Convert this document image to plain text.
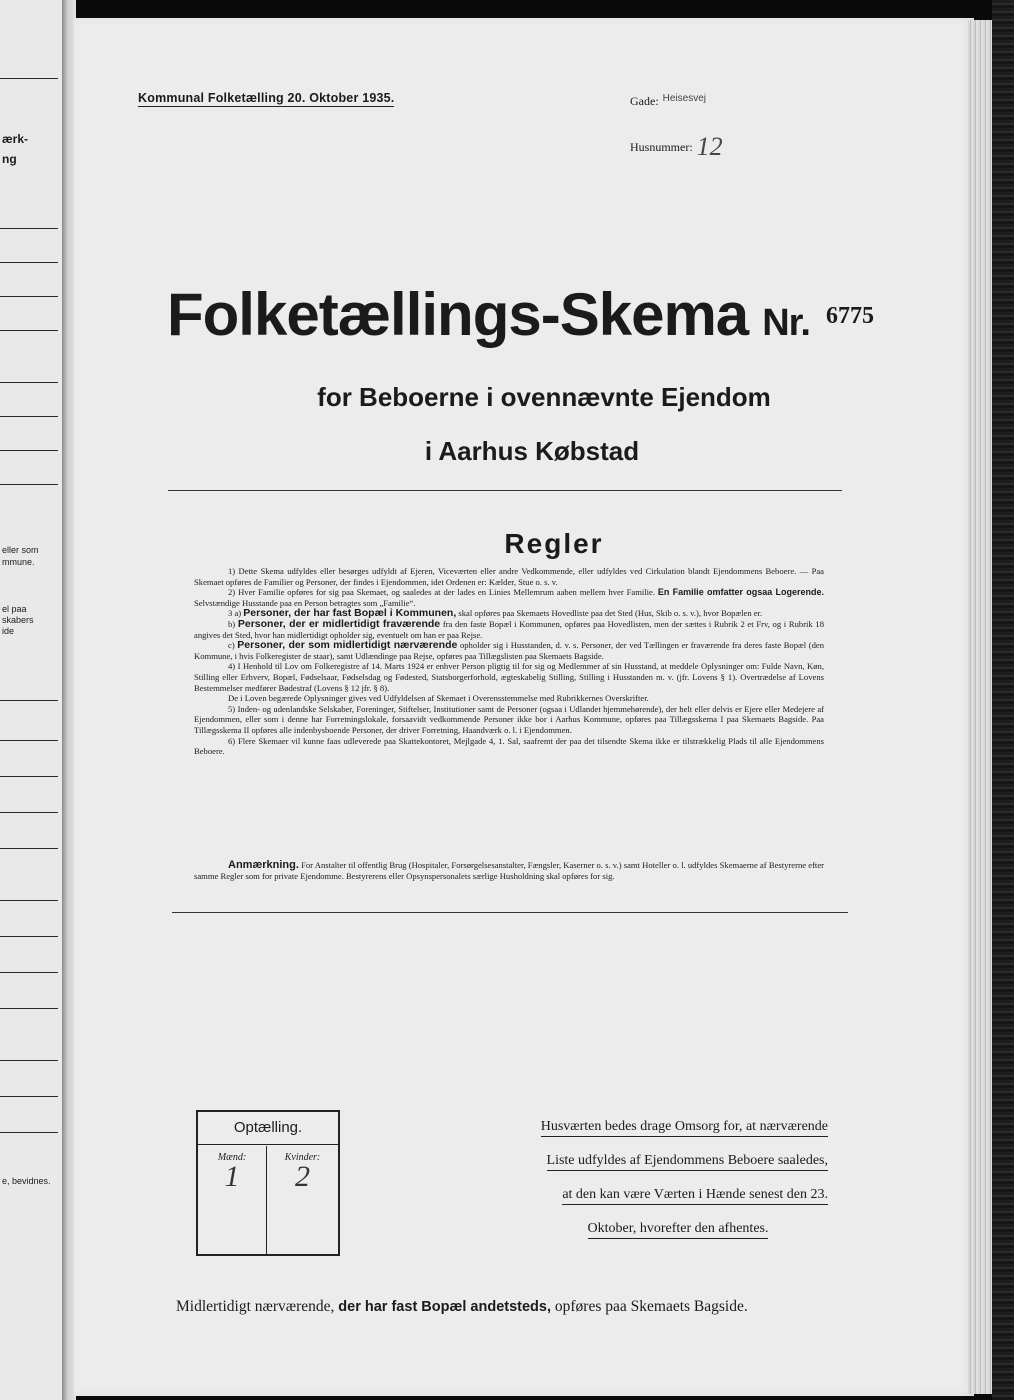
ærk-
ng
eller som
mmune.
el paa
skabers
ide
e, bevidnes.
Kommunal Folketælling 20. Oktober 1935.	Gade: $^{Heisesvej}$
Husnummer: 12
Folketællings-Skema Nr. 6775
for Beboerne i ovennævnte Ejendom
i Aarhus Købstad
Regler

1) Dette Skema udfyldes eller besørges udfyldt af Ejeren, Viceværten eller andre Vedkommende, eller udfyldes ved Cirkulation blandt Ejendommens Beboere. — Paa Skemaet opføres de Familier og Personer, der findes i Ejendommen, idet Ordenen er: Kælder, Stue o. s. v.

2) Hver Familie opføres for sig paa Skemaet, og saaledes at der lades en Linies Mellemrum aaben mellem hver Familie. En Familie omfatter ogsaa Logerende. Selvstændige Husstande paa en Person betragtes som „Familie“.

3 a) Personer, der har fast Bopæl i Kommunen, skal opføres paa Skemaets Hovedliste paa det Sted (Hus, Skib o. s. v.), hvor Bopælen er.

b) Personer, der er midlertidigt fraværende fra den faste Bopæl i Kommunen, opføres paa Hovedlisten, men der sættes i Rubrik 2 et Frv, og i Rubrik 18 angives det Sted, hvor han midlertidigt opholder sig, eventuelt om han er paa Rejse.

c) Personer, der som midlertidigt nærværende opholder sig i Husstanden, d. v. s. Personer, der ved Tællingen er fraværende fra deres faste Bopæl (den Kommune, i hvis Folkeregister de staar), samt Udlændinge paa Rejse, opføres paa Tillægslisten paa Skemaets Bagside.

4) I Henhold til Lov om Folkeregistre af 14. Marts 1924 er enhver Person pligtig til for sig og Medlemmer af sin Husstand, at meddele Oplysninger om: Fulde Navn, Køn, Stilling eller Erhverv, Bopæl, Fødselsaar, Fødselsdag og Fødested, Statsborgerforhold, ægteskabelig Stilling, Stilling i Husstanden m. v. (jfr. Lovens § 1). Overtrædelse af Lovens Bestemmelser medfører Bødestraf (Lovens § 12 jfr. § 8).

De i Loven begærede Oplysninger gives ved Udfyldelsen af Skemaet i Overensstemmelse med Rubrikkernes Overskrifter.

5) Inden- og udenlandske Selskaber, Foreninger, Stiftelser, Institutioner samt de Personer (ogsaa i Udlandet hjemmehørende), der helt eller delvis er Ejere eller Medejere af Ejendommen, eller som i denne har Forretningslokale, forsaavidt vedkommende Personer ikke bor i Aarhus Kommune, opføres paa Tillægsskema I paa Skemaets Bagside. Paa Tillægsskema II opføres alle indenbysboende Personer, der driver Forretning, Haandværk o. l. i Ejendommen.

6) Flere Skemaer vil kunne faas udleverede paa Skattekontoret, Mejlgade 4, 1. Sal, saafremt der paa det tilsendte Skema ikke er tilstrækkelig Plads til alle Ejendommens Beboere.

Anmærkning. For Anstalter til offentlig Brug (Hospitaler, Forsørgelsesanstalter, Fængsler, Kaserner o. s. v.) samt Hoteller o. l. udfyldes Skemaerne af Bestyrerne efter samme Regler som for private Ejendomme. Bestyrerens eller Opsynspersonalets særlige Husholdning skal opføres for sig.
Optælling.
Mænd:
1
Kvinder:
2
Husværten bedes drage Omsorg for, at nærværende
Liste udfyldes af Ejendommens Beboere saaledes,
at den kan være Værten i Hænde senest den 23.
Oktober, hvorefter den afhentes.
Midlertidigt nærværende, der har fast Bopæl andetsteds, opføres paa Skemaets Bagside.
